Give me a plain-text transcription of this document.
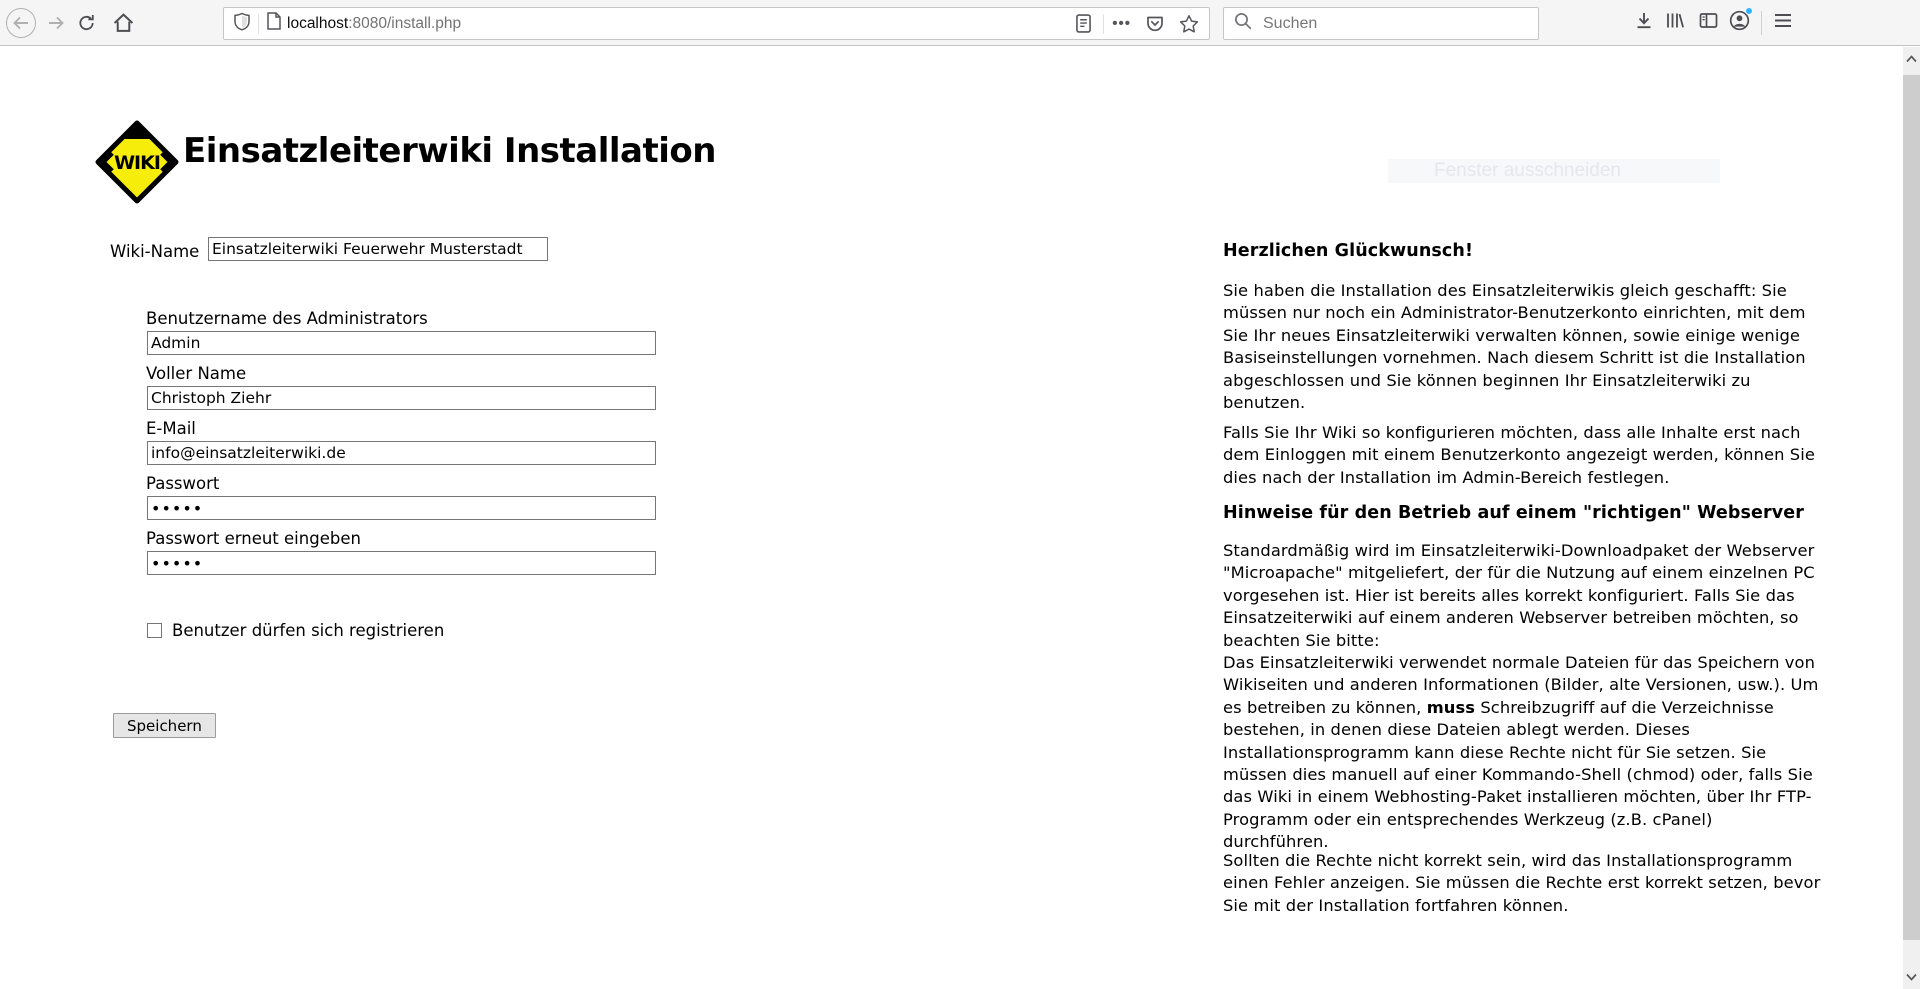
localhost:8080/install.php	•••
Suchen
WIKI Einsatzleiterwiki Installation	Fenster ausschneiden
Wiki-Name
Einsatzleiterwiki Feuerwehr Musterstadt
Benutzername des Administrators
Admin
Voller Name
Christoph Ziehr
E-Mail
info@einsatzleiterwiki.de
Passwort
•••••
Passwort erneut eingeben
•••••
Benutzer dürfen sich registrieren
Speichern
Herzlichen Glückwunsch!
Sie haben die Installation des Einsatzleiterwikis gleich geschafft: Sie müssen nur noch ein Administrator-Benutzerkonto einrichten, mit dem Sie Ihr neues Einsatzleiterwiki verwalten können, sowie einige wenige Basiseinstellungen vornehmen. Nach diesem Schritt ist die Installation abgeschlossen und Sie können beginnen Ihr Einsatzleiterwiki zu benutzen.
Falls Sie Ihr Wiki so konfigurieren möchten, dass alle Inhalte erst nach dem Einloggen mit einem Benutzerkonto angezeigt werden, können Sie dies nach der Installation im Admin-Bereich festlegen.
Hinweise für den Betrieb auf einem "richtigen" Webserver
Standardmäßig wird im Einsatzleiterwiki-Downloadpaket der Webserver "Microapache" mitgeliefert, der für die Nutzung auf einem einzelnen PC vorgesehen ist. Hier ist bereits alles korrekt konfiguriert. Falls Sie das Einsatzeiterwiki auf einem anderen Webserver betreiben möchten, so beachten Sie bitte:
Das Einsatzleiterwiki verwendet normale Dateien für das Speichern von Wikiseiten und anderen Informationen (Bilder, alte Versionen, usw.). Um es betreiben zu können, muss Schreibzugriff auf die Verzeichnisse bestehen, in denen diese Dateien ablegt werden. Dieses Installationsprogramm kann diese Rechte nicht für Sie setzen. Sie müssen dies manuell auf einer Kommando-Shell (chmod) oder, falls Sie das Wiki in einem Webhosting-Paket installieren möchten, über Ihr FTP-Programm oder ein entsprechendes Werkzeug (z.B. cPanel) durchführen.
Sollten die Rechte nicht korrekt sein, wird das Installationsprogramm einen Fehler anzeigen. Sie müssen die Rechte erst korrekt setzen, bevor Sie mit der Installation fortfahren können.
